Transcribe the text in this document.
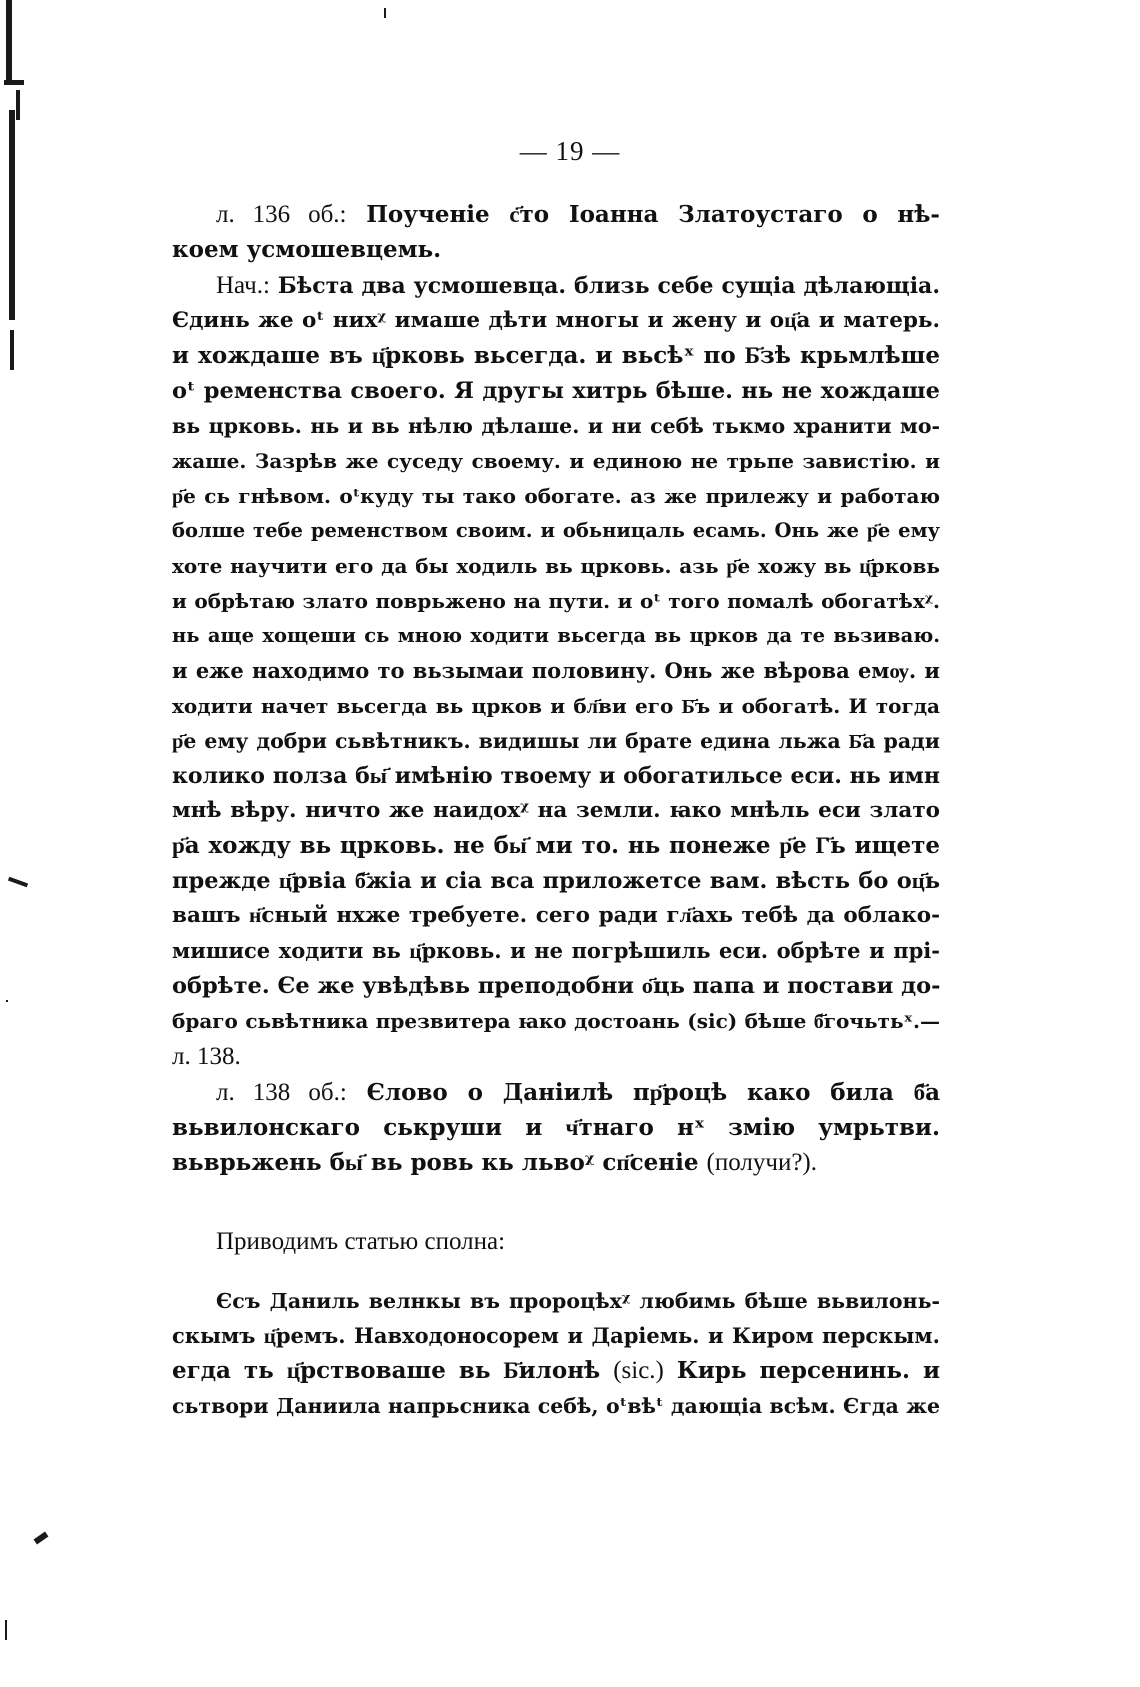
— 19 —
л. 136 об.: Поученіе с҃то Іоанна Златоустаго о нѣ-
коем усмошевцемь.
Нач.: Бѣста два усмошевца. близь себе сущіа дѣлающіа.
Єдинь же оᵗ нихᵡ имаше дѣти многы и жену и оц҃а и матерь.
и хождаше въ ц҃рковь вьсегда. и вьсѣˣ по Б҃зѣ крьмлѣше
оᵗ ременства своего. Я другы хитрь бѣше. нь не хождаше
вь црковь. нь и вь нѣлю дѣлаше. и ни себѣ тькмо хранити мо-
жаше. Зазрѣв же суседу своему. и единою не трьпе завистію. и
р҃е сь гнѣвом. оᵗкуду ты тако обогате. аз же прилежу и работаю
болше тебе ременством своим. и обьницаль есамь. Онь же р҃е ему
хоте научити его да бы ходиль вь црковь. азь р҃е хожу вь ц҃рковь
и обрѣтаю злато поврьжено на пути. и оᵗ того помалѣ обогатѣхᵡ.
нь аще хощеши сь мною ходити вьсегда вь црков да те вьзиваю.
и еже находимо то вьзымаи половину. Онь же вѣрова емѹ. и
ходити начет вьсегда вь црков и бл҃ви его Б҃ъ и обогатѣ. И тогда
р҃е ему добри сьвѣтникъ. видишы ли брате едина льжа Б҃а ради
колико полза бы҃ имѣнію твоему и обогатильсе еси. нь имн
мнѣ вѣру. ничто же наидохᵡ на земли. ꙗко мнѣль еси злато
р҃а хожду вь црковь. не бы҃ ми то. нь понеже р҃е Г҃ь ищете
прежде ц҃рвіа б҃жіа и сіа вса приложетсе вам. вѣсть бо оц҃ь
вашъ н҃сный нхже требуете. сего ради гл҃ахь тебѣ да облако-
мишисе ходити вь ц҃рковь. и не погрѣшиль еси. обрѣте и прі-
обрѣте. Єе же увѣдѣвь преподобни о҃ць папа и постави до-
браго сьвѣтника презвитера ꙗко достоань (sic) бѣше б҃гочьтьˣ.—
л. 138.
л. 138 об.: Єлово о Даніилѣ пр҃роцѣ како била б҃а
вьвилонскаго ськруши и ч҃тнаго нˣ змію умрьтви.
вьврьжень бы҃ вь ровь кь львоᵡ сп҃сеніе (получи?).
Приводимъ статью сполна:
Єсъ Даниль велнкы въ пророцѣхᵡ любимь бѣше вьвилонь-
скымъ ц҃ремъ. Навходоносорем и Даріемь. и Киром перскым.
егда ть ц҃рствоваше вь Б҃илонѣ (sic.) Кирь персенинь. и
сьтвори Даниила напрьсника себѣ, оᵗвѣᵗ дающіа всѣм. Єгда же
